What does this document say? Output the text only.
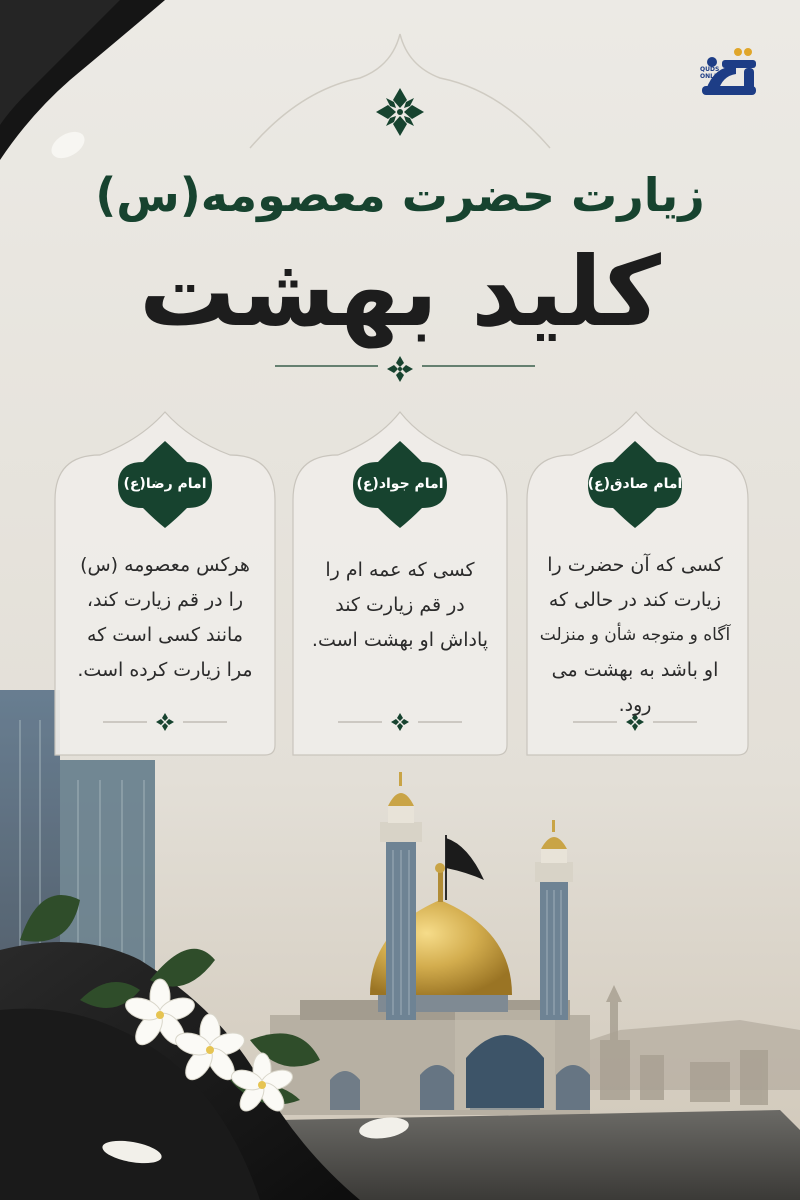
QUDS ONLINE
زیارت حضرت معصومه(س)
کلید بهشت
امام صادق(ع)
کسی که آن حضرت را
زیارت کند در حالی که
آگاه و متوجه شأن و منزلت
او باشد به بهشت می رود.
امام جواد(ع)
کسی که عمه ام را
در قم زیارت کند
پاداش او بهشت است.
امام رضا(ع)
هرکس معصومه (س)
را در قم زیارت کند،
مانند کسی است که
مرا زیارت کرده است.
